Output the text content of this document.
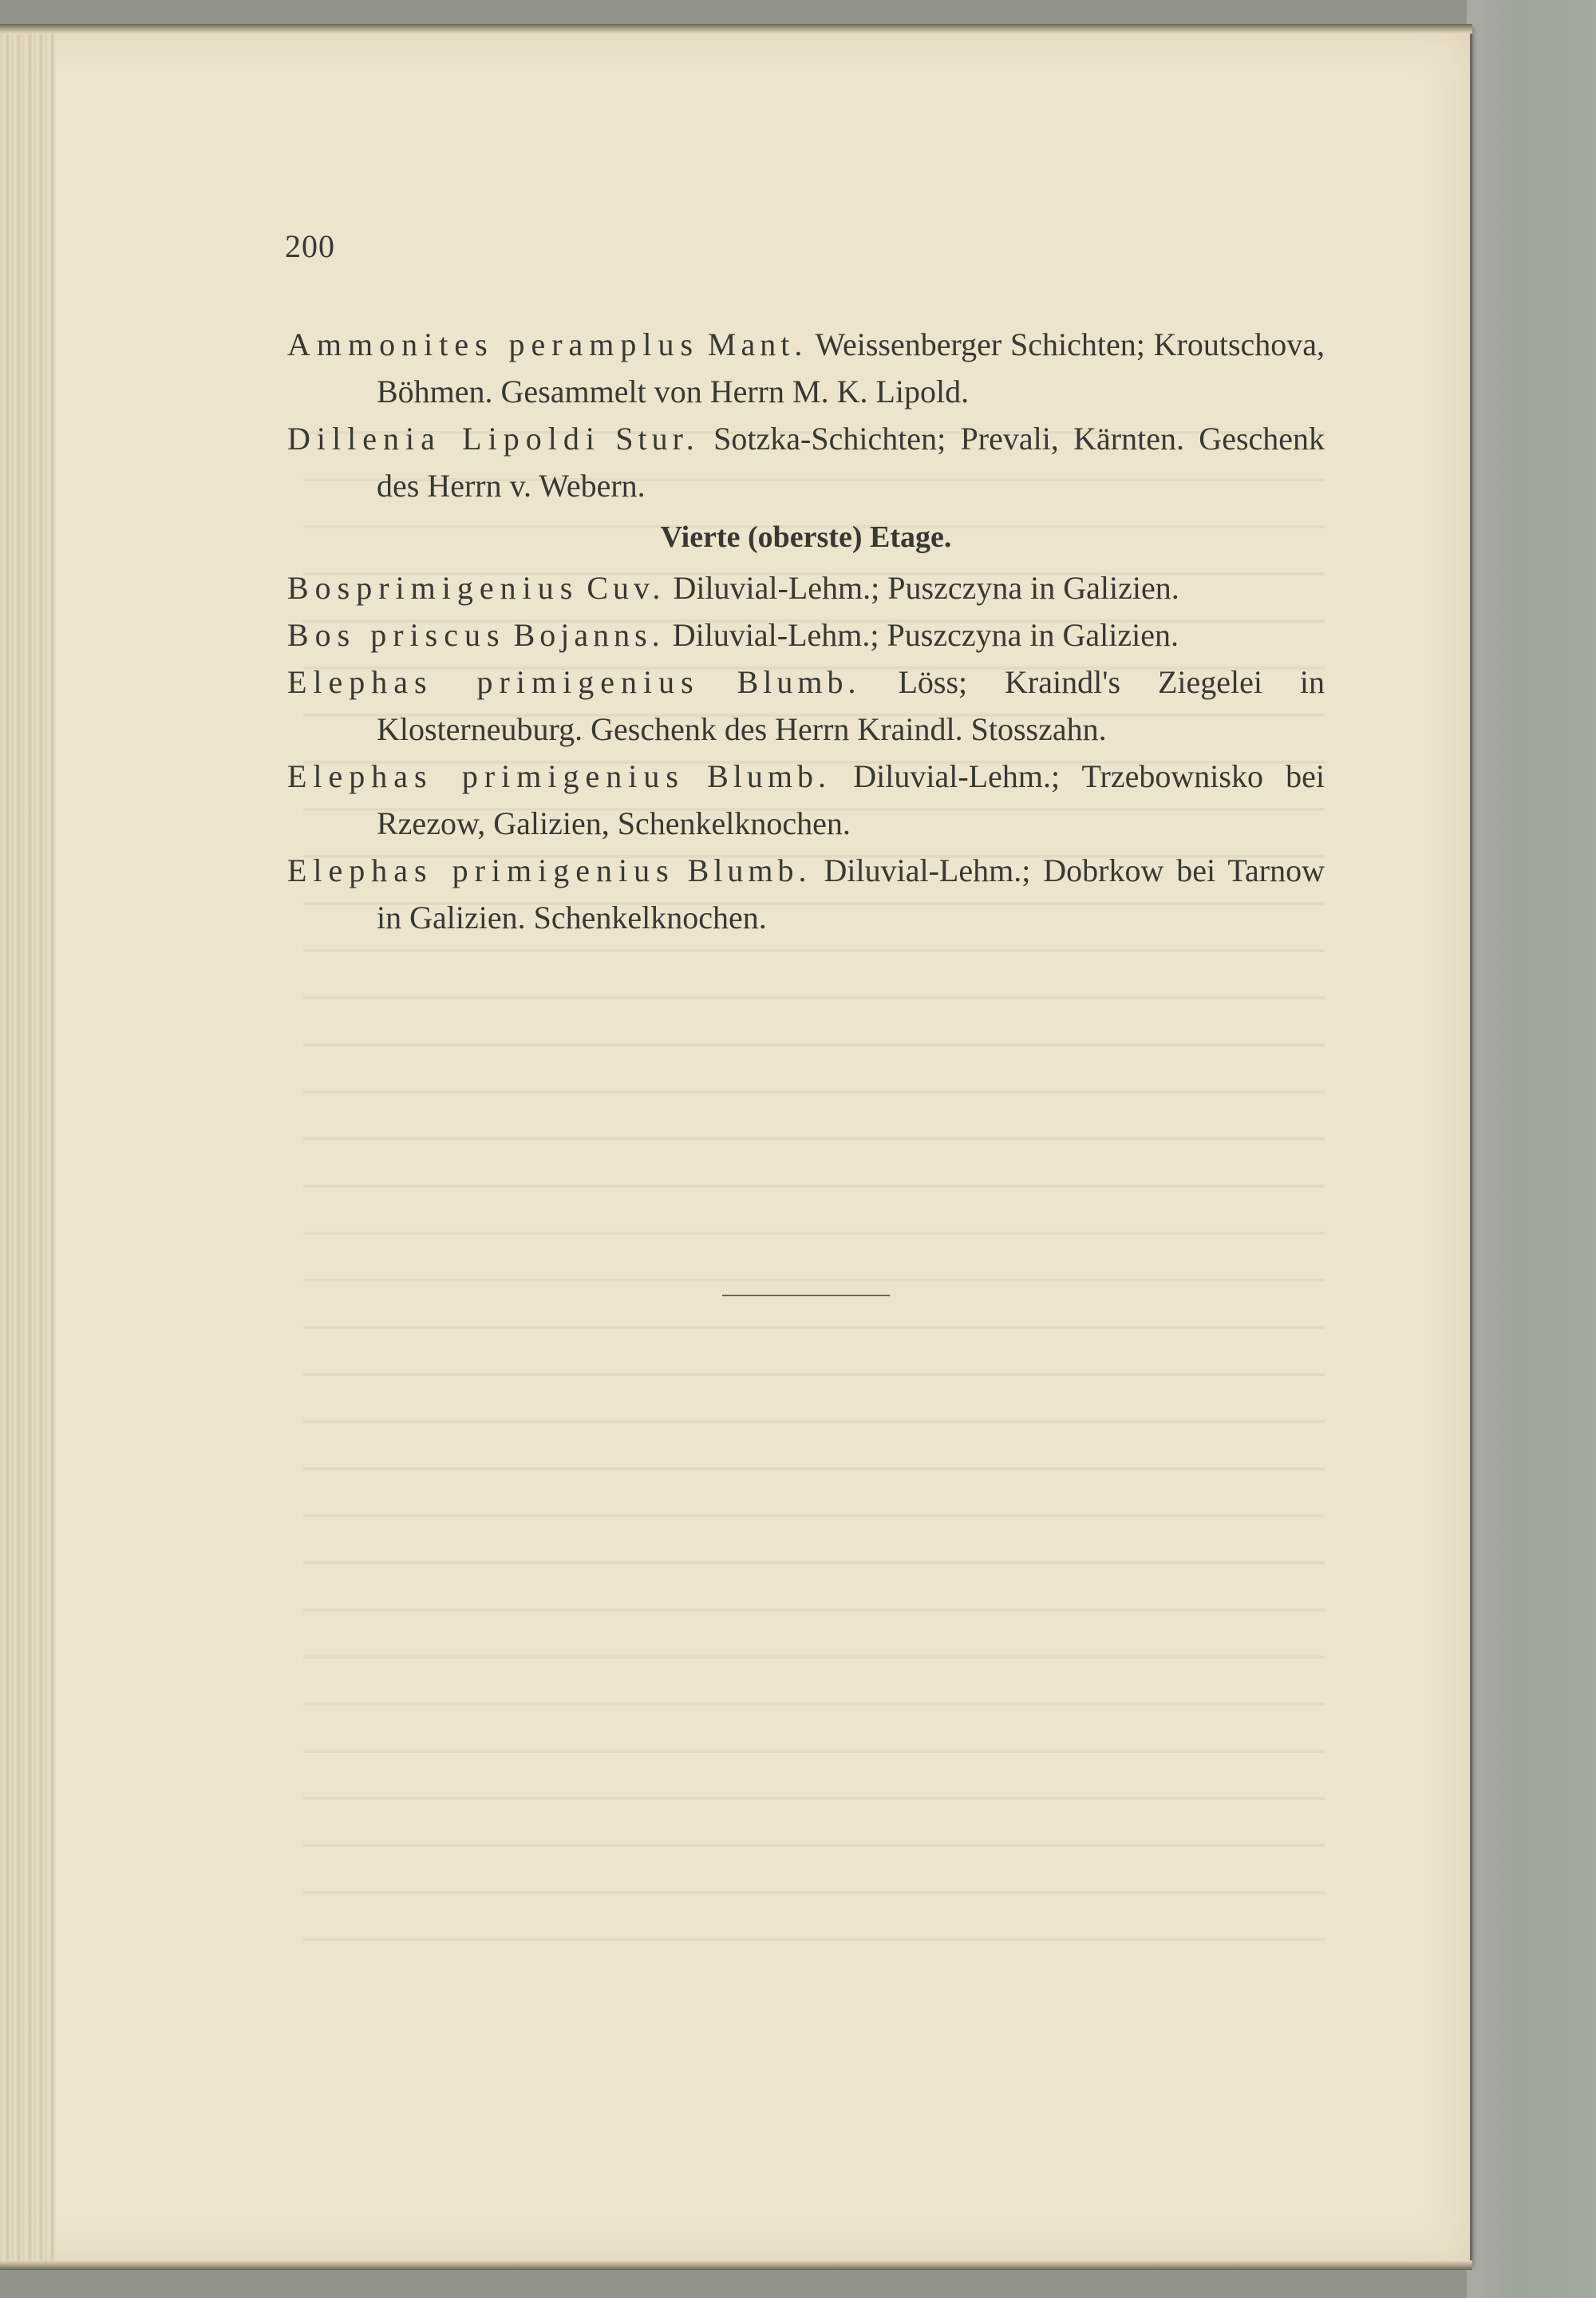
200

Ammonites peramplus Mant. Weissenberger Schichten; Kroutschova, Böhmen. Gesammelt von Herrn M. K. Lipold.

Dillenia Lipoldi Stur. Sotzka-Schichten; Prevali, Kärnten. Geschenk des Herrn v. Webern.

Vierte (oberste) Etage.

Bosprimigenius Cuv. Diluvial-Lehm.; Puszczyna in Galizien.

Bos priscus Bojanns. Diluvial-Lehm.; Puszczyna in Galizien.

Elephas primigenius Blumb. Löss; Kraindl's Ziegelei in Klosterneuburg. Geschenk des Herrn Kraindl. Stosszahn.

Elephas primigenius Blumb. Diluvial-Lehm.; Trzebownisko bei Rzezow, Galizien, Schenkelknochen.

Elephas primigenius Blumb. Diluvial-Lehm.; Dobrkow bei Tarnow in Galizien. Schenkelknochen.
